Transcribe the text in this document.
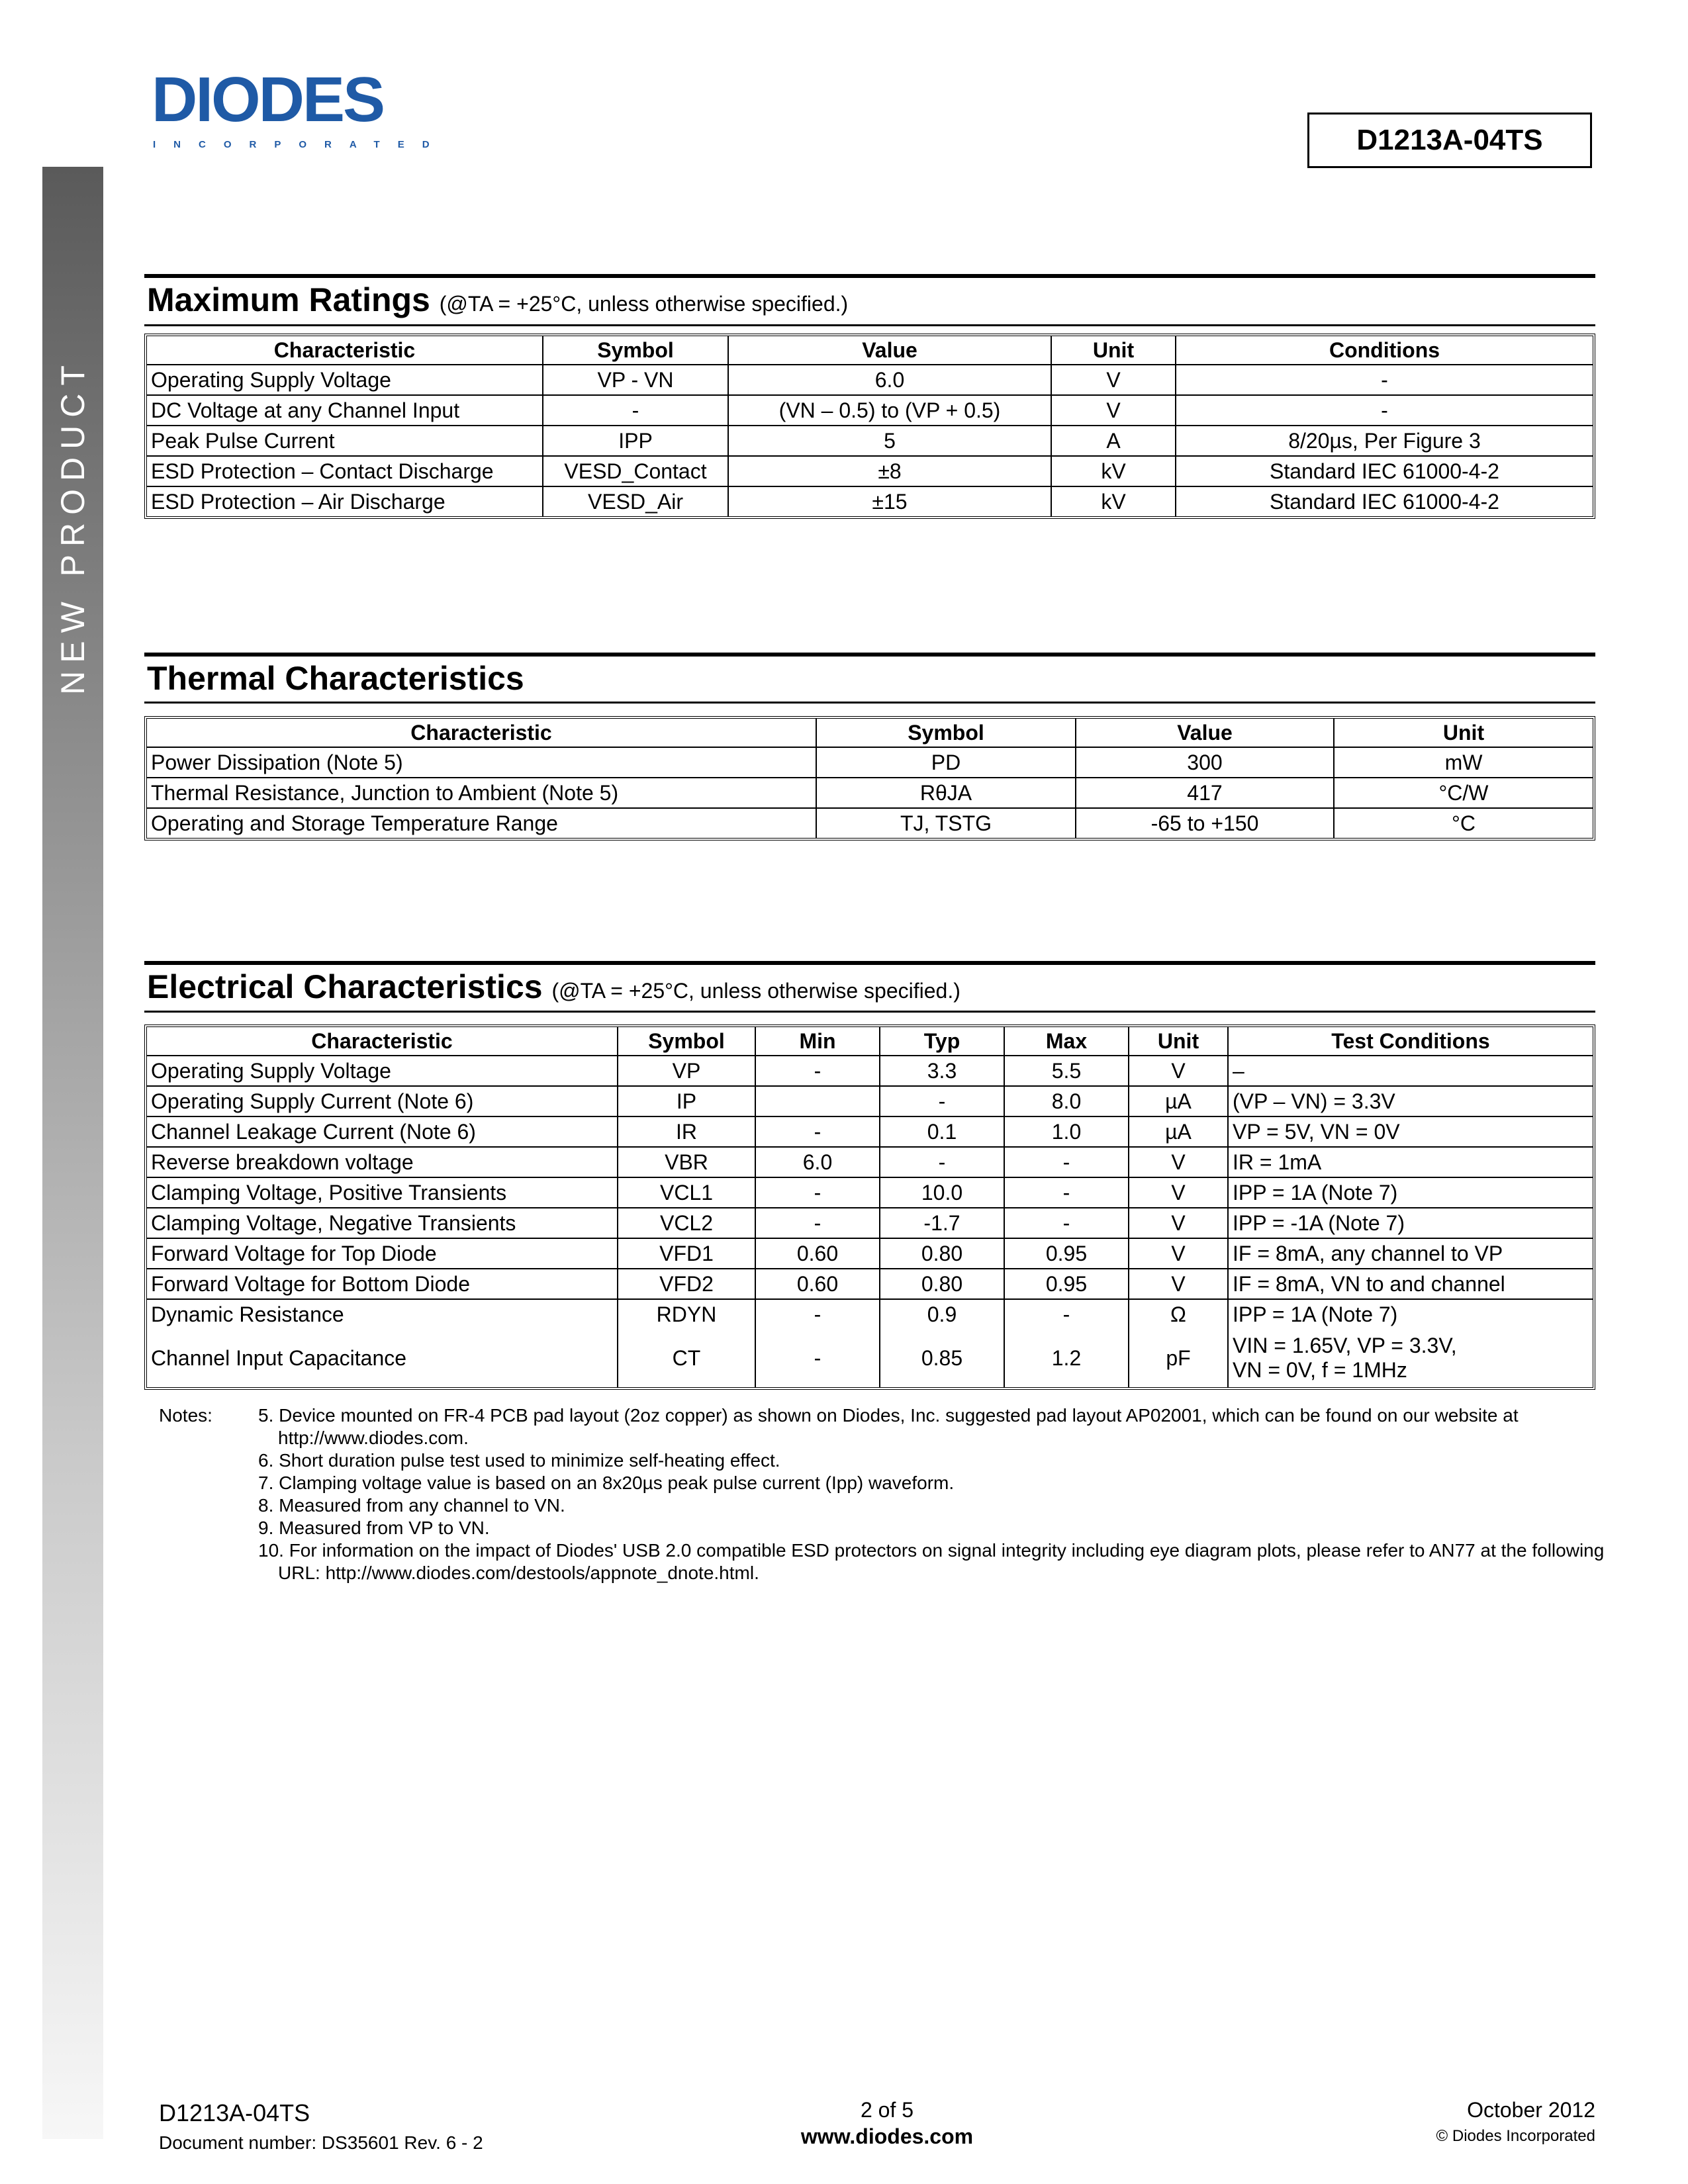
NEW PRODUCT
DIODES
INCORPORATED	D1213A-04TS
Maximum Ratings (@TA = +25°C, unless otherwise specified.)
Characteristic	Symbol	Value	Unit	Conditions
Operating Supply Voltage	VP - VN	6.0	V	-
DC Voltage at any Channel Input	-	(VN – 0.5) to (VP + 0.5)	V	-
Peak Pulse Current	IPP	5	A	8/20µs, Per Figure 3
ESD Protection – Contact Discharge	VESD_Contact	±8	kV	Standard IEC 61000-4-2
ESD Protection – Air Discharge	VESD_Air	±15	kV	Standard IEC 61000-4-2
Thermal Characteristics
Characteristic	Symbol	Value	Unit
Power Dissipation (Note 5)	PD	300	mW
Thermal Resistance, Junction to Ambient (Note 5)	RθJA	417	°C/W
Operating and Storage Temperature Range	TJ, TSTG	-65 to +150	°C
Electrical Characteristics (@TA = +25°C, unless otherwise specified.)
Characteristic	Symbol	Min	Typ	Max	Unit	Test Conditions
Operating Supply Voltage	VP	-	3.3	5.5	V	–
Operating Supply Current (Note 6)	IP		-	8.0	µA	(VP – VN) = 3.3V
Channel Leakage Current (Note 6)	IR	-	0.1	1.0	µA	VP = 5V, VN = 0V
Reverse breakdown voltage	VBR	6.0	-	-	V	IR = 1mA
Clamping Voltage, Positive Transients	VCL1	-	10.0	-	V	IPP = 1A (Note 7)
Clamping Voltage, Negative Transients	VCL2	-	-1.7	-	V	IPP = -1A (Note 7)
Forward Voltage for Top Diode	VFD1	0.60	0.80	0.95	V	IF = 8mA, any channel to VP
Forward Voltage for Bottom Diode	VFD2	0.60	0.80	0.95	V	IF = 8mA, VN to and channel
Dynamic Resistance	RDYN	-	0.9	-	Ω	IPP = 1A (Note 7)
Channel Input Capacitance	CT	-	0.85	1.2	pF	VIN = 1.65V, VP = 3.3V,
VN = 0V, f = 1MHz
Notes: 5. Device mounted on FR-4 PCB pad layout (2oz copper) as shown on Diodes, Inc. suggested pad layout AP02001, which can be found on our website at http://www.diodes.com.
6. Short duration pulse test used to minimize self-heating effect.
7. Clamping voltage value is based on an 8x20µs peak pulse current (Ipp) waveform.
8. Measured from any channel to VN.
9. Measured from VP to VN.
10. For information on the impact of Diodes' USB 2.0 compatible ESD protectors on signal integrity including eye diagram plots, please refer to AN77 at the following URL: http://www.diodes.com/destools/appnote_dnote.html.
D1213A-04TS
Document number: DS35601 Rev. 6 - 2
2 of 5
www.diodes.com
October 2012
© Diodes Incorporated
